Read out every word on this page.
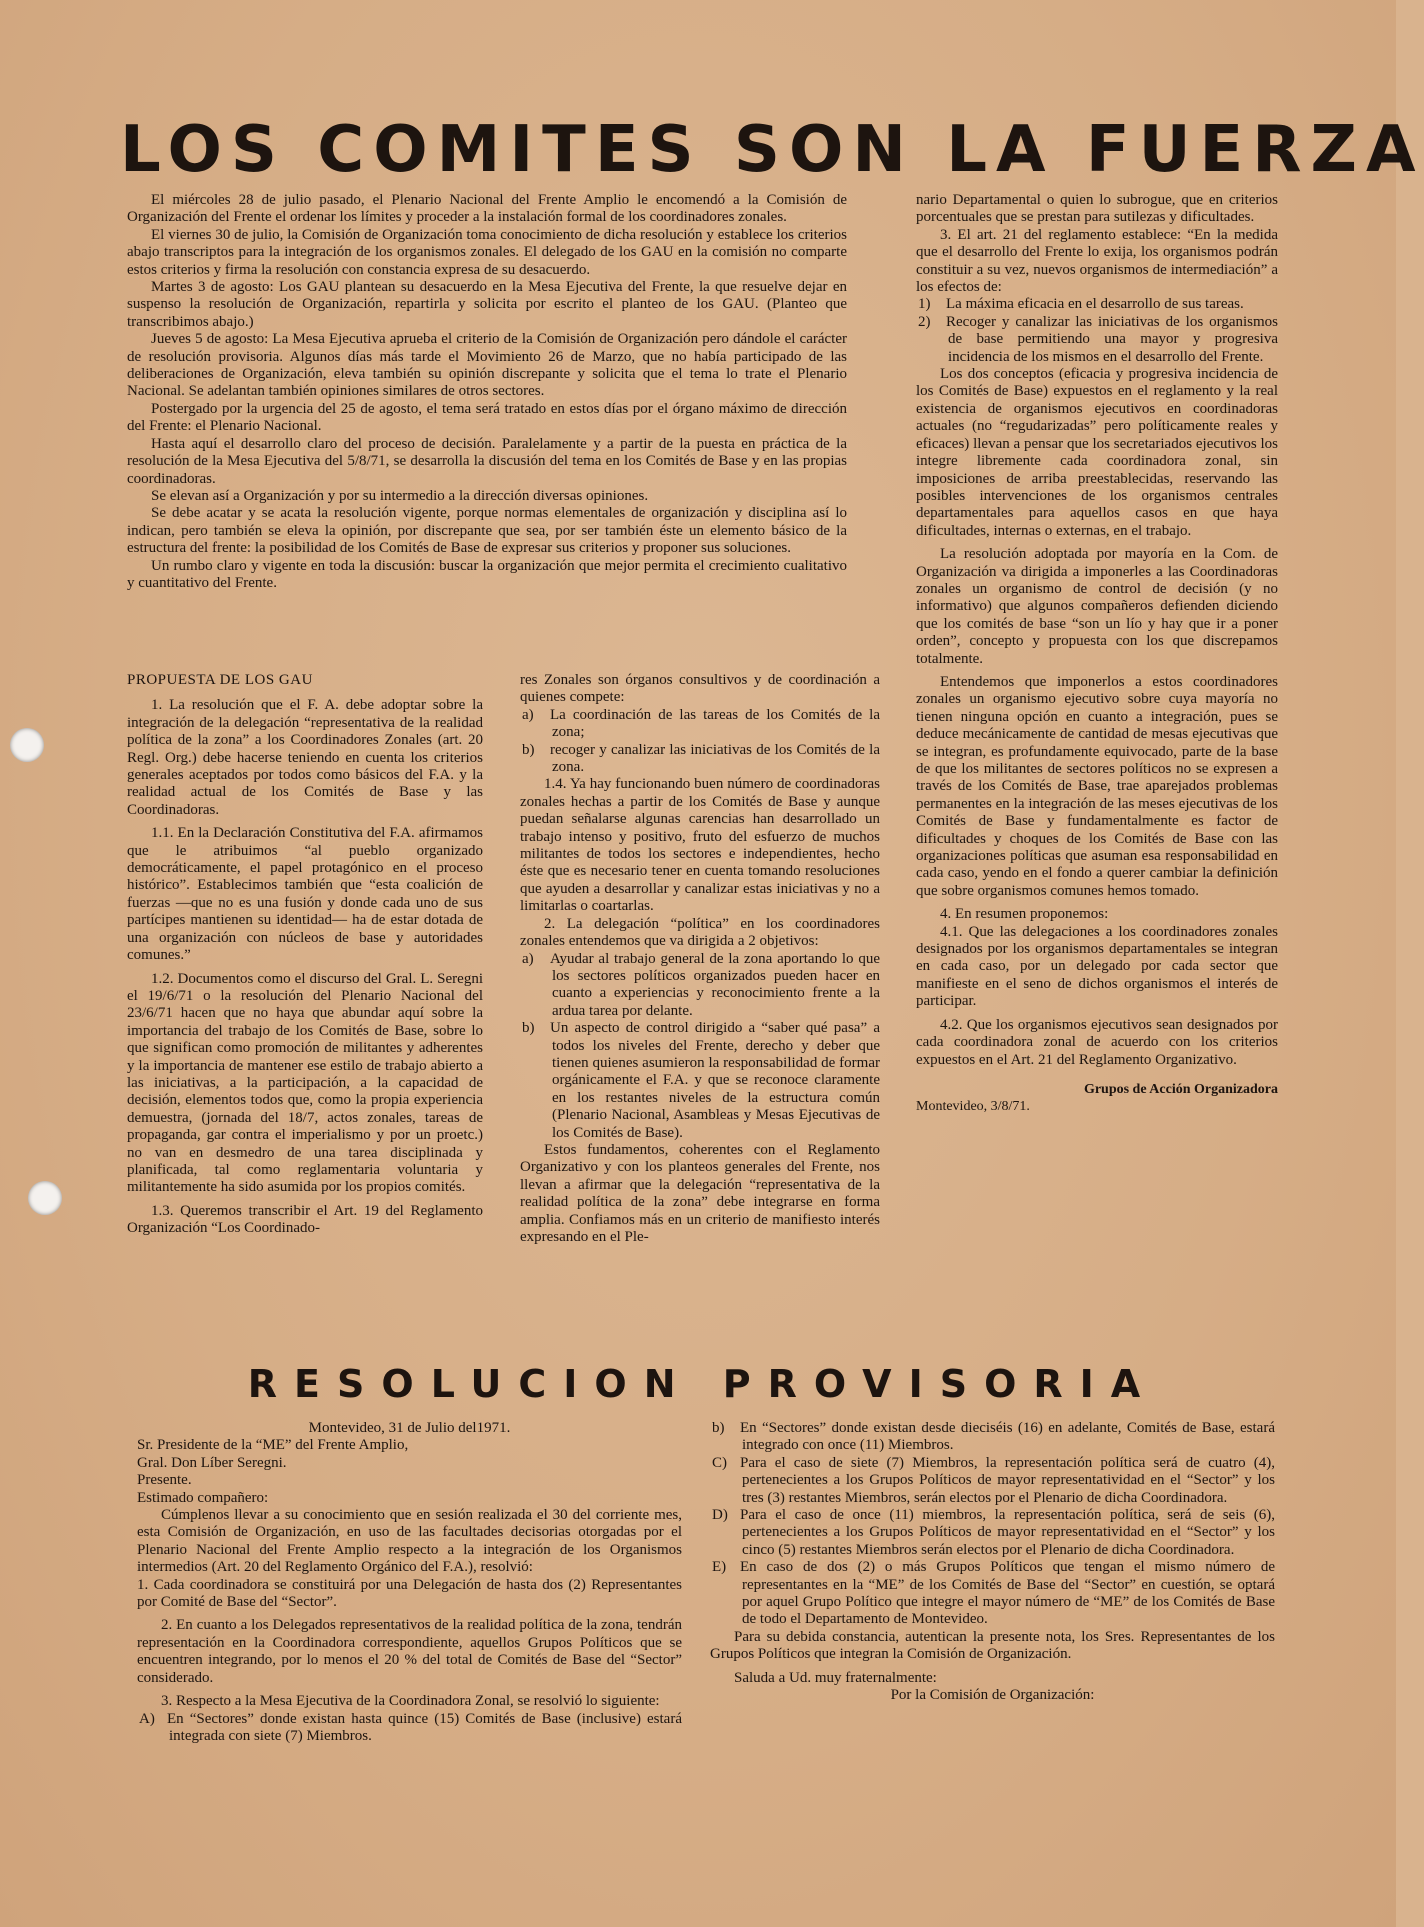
LOS COMITES SON LA FUERZA

El miércoles 28 de julio pasado, el Plenario Nacional del Frente Amplio le encomendó a la Comisión de Organización del Frente el ordenar los límites y proceder a la instalación formal de los coordinadores zonales.

El viernes 30 de julio, la Comisión de Organización toma conocimiento de dicha resolución y establece los criterios abajo transcriptos para la integración de los organismos zonales. El delegado de los GAU en la comisión no comparte estos criterios y firma la resolución con constancia expresa de su desacuerdo.

Martes 3 de agosto: Los GAU plantean su desacuerdo en la Mesa Ejecutiva del Frente, la que resuelve dejar en suspenso la resolución de Organización, repartirla y solicita por escrito el planteo de los GAU. (Planteo que transcribimos abajo.)

Jueves 5 de agosto: La Mesa Ejecutiva aprueba el criterio de la Comisión de Organización pero dándole el carácter de resolución provisoria. Algunos días más tarde el Movimiento 26 de Marzo, que no había participado de las deliberaciones de Organización, eleva también su opinión discrepante y solicita que el tema lo trate el Plenario Nacional. Se adelantan también opiniones similares de otros sectores.

Postergado por la urgencia del 25 de agosto, el tema será tratado en estos días por el órgano máximo de dirección del Frente: el Plenario Nacional.

Hasta aquí el desarrollo claro del proceso de decisión. Paralelamente y a partir de la puesta en práctica de la resolución de la Mesa Ejecutiva del 5/8/71, se desarrolla la discusión del tema en los Comités de Base y en las propias coordinadoras.

Se elevan así a Organización y por su intermedio a la dirección diversas opiniones.

Se debe acatar y se acata la resolución vigente, porque normas elementales de organización y disciplina así lo indican, pero también se eleva la opinión, por discrepante que sea, por ser también éste un elemento básico de la estructura del frente: la posibilidad de los Comités de Base de expresar sus criterios y proponer sus soluciones.

Un rumbo claro y vigente en toda la discusión: buscar la organización que mejor permita el crecimiento cualitativo y cuantitativo del Frente.

nario Departamental o quien lo subrogue, que en criterios porcentuales que se prestan para sutilezas y dificultades.

3. El art. 21 del reglamento establece: “En la medida que el desarrollo del Frente lo exija, los organismos podrán constituir a su vez, nuevos organismos de intermediación” a los efectos de:

1) La máxima eficacia en el desarrollo de sus tareas.

2) Recoger y canalizar las iniciativas de los organismos de base permitiendo una mayor y progresiva incidencia de los mismos en el desarrollo del Frente.

Los dos conceptos (eficacia y progresiva incidencia de los Comités de Base) expuestos en el reglamento y la real existencia de organismos ejecutivos en coordinadoras actuales (no “regudarizadas” pero políticamente reales y eficaces) llevan a pensar que los secretariados ejecutivos los integre libremente cada coordinadora zonal, sin imposiciones de arriba preestablecidas, reservando las posibles intervenciones de los organismos centrales departamentales para aquellos casos en que haya dificultades, internas o externas, en el trabajo.

La resolución adoptada por mayoría en la Com. de Organización va dirigida a imponerles a las Coordinadoras zonales un organismo de control de decisión (y no informativo) que algunos compañeros defienden diciendo que los comités de base “son un lío y hay que ir a poner orden”, concepto y propuesta con los que discrepamos totalmente.

Entendemos que imponerlos a estos coordinadores zonales un organismo ejecutivo sobre cuya mayoría no tienen ninguna opción en cuanto a integración, pues se deduce mecánicamente de cantidad de mesas ejecutivas que se integran, es profundamente equivocado, parte de la base de que los militantes de sectores políticos no se expresen a través de los Comités de Base, trae aparejados problemas permanentes en la integración de las meses ejecutivas de los Comités de Base y fundamentalmente es factor de dificultades y choques de los Comités de Base con las organizaciones políticas que asuman esa responsabilidad en cada caso, yendo en el fondo a querer cambiar la definición que sobre organismos comunes hemos tomado.

4. En resumen proponemos:

4.1. Que las delegaciones a los coordinadores zonales designados por los organismos departamentales se integran en cada caso, por un delegado por cada sector que manifieste en el seno de dichos organismos el interés de participar.

4.2. Que los organismos ejecutivos sean designados por cada coordinadora zonal de acuerdo con los criterios expuestos en el Art. 21 del Reglamento Organizativo.

Grupos de Acción Organizadora
Montevideo, 3/8/71.
PROPUESTA DE LOS GAU

1. La resolución que el F. A. debe adoptar sobre la integración de la delegación “representativa de la realidad política de la zona” a los Coordinadores Zonales (art. 20 Regl. Org.) debe hacerse teniendo en cuenta los criterios generales aceptados por todos como básicos del F.A. y la realidad actual de los Comités de Base y las Coordinadoras.

1.1. En la Declaración Constitutiva del F.A. afirmamos que le atribuimos “al pueblo organizado democráticamente, el papel protagónico en el proceso histórico”. Establecimos también que “esta coalición de fuerzas —que no es una fusión y donde cada uno de sus partícipes mantienen su identidad— ha de estar dotada de una organización con núcleos de base y autoridades comunes.”

1.2. Documentos como el discurso del Gral. L. Seregni el 19/6/71 o la resolución del Plenario Nacional del 23/6/71 hacen que no haya que abundar aquí sobre la importancia del trabajo de los Comités de Base, sobre lo que significan como promoción de militantes y adherentes y la importancia de mantener ese estilo de trabajo abierto a las iniciativas, a la participación, a la capacidad de decisión, elementos todos que, como la propia experiencia demuestra, (jornada del 18/7, actos zonales, tareas de propaganda, gar contra el imperialismo y por un proetc.) no van en desmedro de una tarea disciplinada y planificada, tal como reglamentaria voluntaria y militantemente ha sido asumida por los propios comités.

1.3. Queremos transcribir el Art. 19 del Reglamento Organización “Los Coordinado-

res Zonales son órganos consultivos y de coordinación a quienes compete:

a) La coordinación de las tareas de los Comités de la zona;

b) recoger y canalizar las iniciativas de los Comités de la zona.

1.4. Ya hay funcionando buen número de coordinadoras zonales hechas a partir de los Comités de Base y aunque puedan señalarse algunas carencias han desarrollado un trabajo intenso y positivo, fruto del esfuerzo de muchos militantes de todos los sectores e independientes, hecho éste que es necesario tener en cuenta tomando resoluciones que ayuden a desarrollar y canalizar estas iniciativas y no a limitarlas o coartarlas.

2. La delegación “política” en los coordinadores zonales entendemos que va dirigida a 2 objetivos:

a) Ayudar al trabajo general de la zona aportando lo que los sectores políticos organizados pueden hacer en cuanto a experiencias y reconocimiento frente a la ardua tarea por delante.

b) Un aspecto de control dirigido a “saber qué pasa” a todos los niveles del Frente, derecho y deber que tienen quienes asumieron la responsabilidad de formar orgánicamente el F.A. y que se reconoce claramente en los restantes niveles de la estructura común (Plenario Nacional, Asambleas y Mesas Ejecutivas de los Comités de Base).

Estos fundamentos, coherentes con el Reglamento Organizativo y con los planteos generales del Frente, nos llevan a afirmar que la delegación “representativa de la realidad política de la zona” debe integrarse en forma amplia. Confiamos más en un criterio de manifiesto interés expresando en el Ple-

RESOLUCION PROVISORIA

Montevideo, 31 de Julio del1971.

Sr. Presidente de la “ME” del Frente Amplio,

Gral. Don Líber Seregni.

Presente.

Estimado compañero:

Cúmplenos llevar a su conocimiento que en sesión realizada el 30 del corriente mes, esta Comisión de Organización, en uso de las facultades decisorias otorgadas por el Plenario Nacional del Frente Amplio respecto a la integración de los Organismos intermedios (Art. 20 del Reglamento Orgánico del F.A.), resolvió:

1. Cada coordinadora se constituirá por una Delegación de hasta dos (2) Representantes por Comité de Base del “Sector”.

2. En cuanto a los Delegados representativos de la realidad política de la zona, tendrán representación en la Coordinadora correspondiente, aquellos Grupos Políticos que se encuentren integrando, por lo menos el 20 % del total de Comités de Base del “Sector” considerado.

3. Respecto a la Mesa Ejecutiva de la Coordinadora Zonal, se resolvió lo siguiente:

A) En “Sectores” donde existan hasta quince (15) Comités de Base (inclusive) estará integrada con siete (7) Miembros.

b) En “Sectores” donde existan desde dieciséis (16) en adelante, Comités de Base, estará integrado con once (11) Miembros.

C) Para el caso de siete (7) Miembros, la representación política será de cuatro (4), pertenecientes a los Grupos Políticos de mayor representatividad en el “Sector” y los tres (3) restantes Miembros, serán electos por el Plenario de dicha Coordinadora.

D) Para el caso de once (11) miembros, la representación política, será de seis (6), pertenecientes a los Grupos Políticos de mayor representatividad en el “Sector” y los cinco (5) restantes Miembros serán electos por el Plenario de dicha Coordinadora.

E) En caso de dos (2) o más Grupos Políticos que tengan el mismo número de representantes en la “ME” de los Comités de Base del “Sector” en cuestión, se optará por aquel Grupo Político que integre el mayor número de “ME” de los Comités de Base de todo el Departamento de Montevideo.

Para su debida constancia, autentican la presente nota, los Sres. Representantes de los Grupos Políticos que integran la Comisión de Organización.

Saluda a Ud. muy fraternalmente:

Por la Comisión de Organización:
